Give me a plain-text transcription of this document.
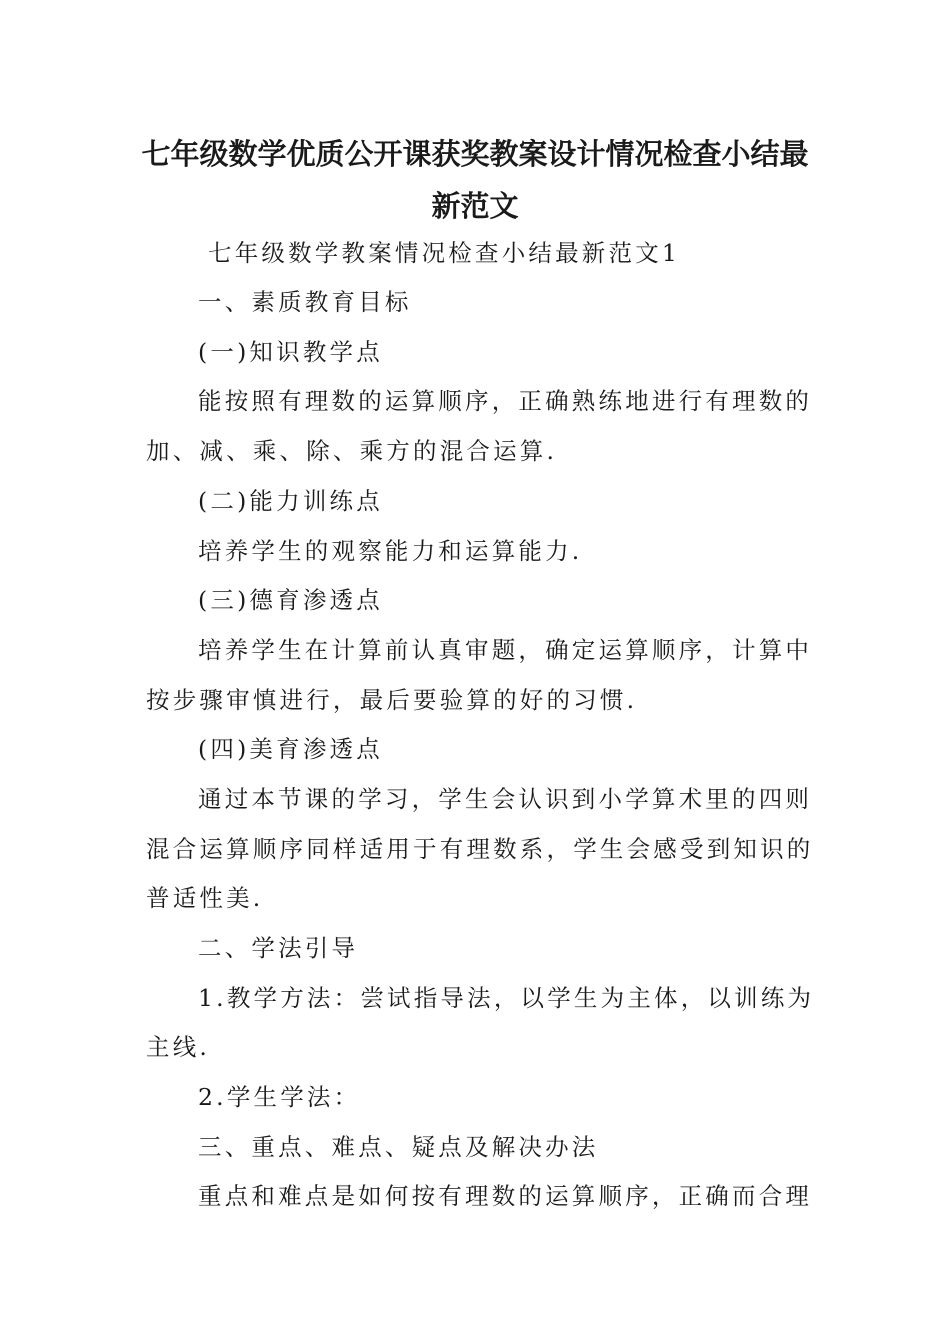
七年级数学优质公开课获奖教案设计情况检查小结最
新范文
七年级数学教案情况检查小结最新范文1
一、素质教育目标
(一)知识教学点
能按照有理数的运算顺序，正确熟练地进行有理数的
加、减、乘、除、乘方的混合运算.
(二)能力训练点
培养学生的观察能力和运算能力.
(三)德育渗透点
培养学生在计算前认真审题，确定运算顺序，计算中
按步骤审慎进行，最后要验算的好的习惯.
(四)美育渗透点
通过本节课的学习，学生会认识到小学算术里的四则
混合运算顺序同样适用于有理数系，学生会感受到知识的
普适性美.
二、学法引导
1.教学方法：尝试指导法，以学生为主体，以训练为
主线.
2.学生学法：
三、重点、难点、疑点及解决办法
重点和难点是如何按有理数的运算顺序，正确而合理
